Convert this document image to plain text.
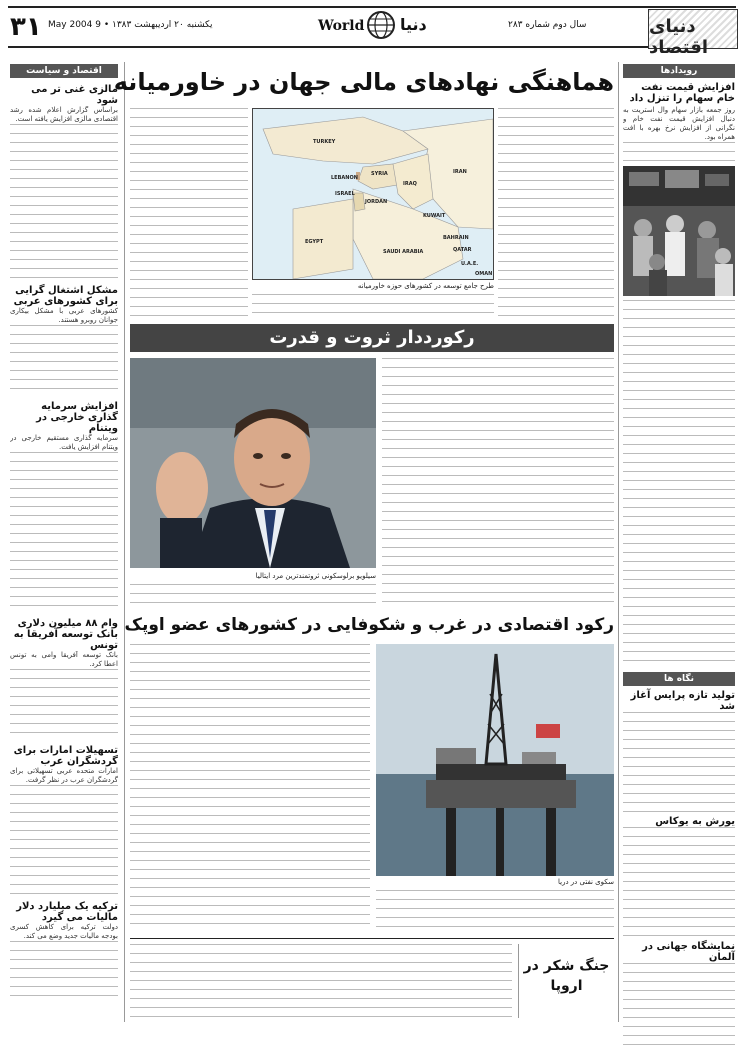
۳۱ یکشنبه ۲۰ اردیبهشت ۱۳۸۳ • 9 May 2004	World دنیا	سال دوم شماره ۲۸۳	دنیای اقتصاد
اقتصاد و سیاست
مالزی غنی تر می شود
براساس گزارش اعلام شده رشد اقتصادی مالزی افزایش یافته است.
مشکل اشتغال گرایی برای کشورهای عربی
کشورهای عربی با مشکل بیکاری جوانان روبرو هستند.
افزایش سرمایه گذاری خارجی در ویتنام
سرمایه گذاری مستقیم خارجی در ویتنام افزایش یافت.
وام ۸۸ میلیون دلاری بانک توسعه آفریقا به تونس
بانک توسعه آفریقا وامی به تونس اعطا کرد.
تسهیلات امارات برای گردشگران عرب
امارات متحده عربی تسهیلاتی برای گردشگران عرب در نظر گرفت.
ترکیه یک میلیارد دلار مالیات می گیرد
دولت ترکیه برای کاهش کسری بودجه مالیات جدید وضع می کند.
رویدادها
افزایش قیمت نفت خام سهام را تنزل داد
روز جمعه بازار سهام وال استریت به دنبال افزایش قیمت نفت خام و نگرانی از افزایش نرخ بهره با افت همراه بود.
نگاه ها
تولید تازه پرایس آغاز شد
یورش به یوکاس
نمایشگاه جهانی در آلمان
هماهنگی نهادهای مالی جهان در خاورمیانه
TURKEY
SYRIA
LEBANON
ISRAEL
JORDAN
IRAQ
IRAN
KUWAIT
SAUDI ARABIA
EGYPT
BAHRAIN
QATAR
U.A.E.
OMAN
طرح جامع توسعه در کشورهای حوزه خاورمیانه
رکورددار ثروت و قدرت
سیلویو برلوسکونی ثروتمندترین مرد ایتالیا
رکود اقتصادی در غرب و شکوفایی در کشورهای عضو اوپک
سکوی نفتی در دریا
جنگ شکر در اروپا
